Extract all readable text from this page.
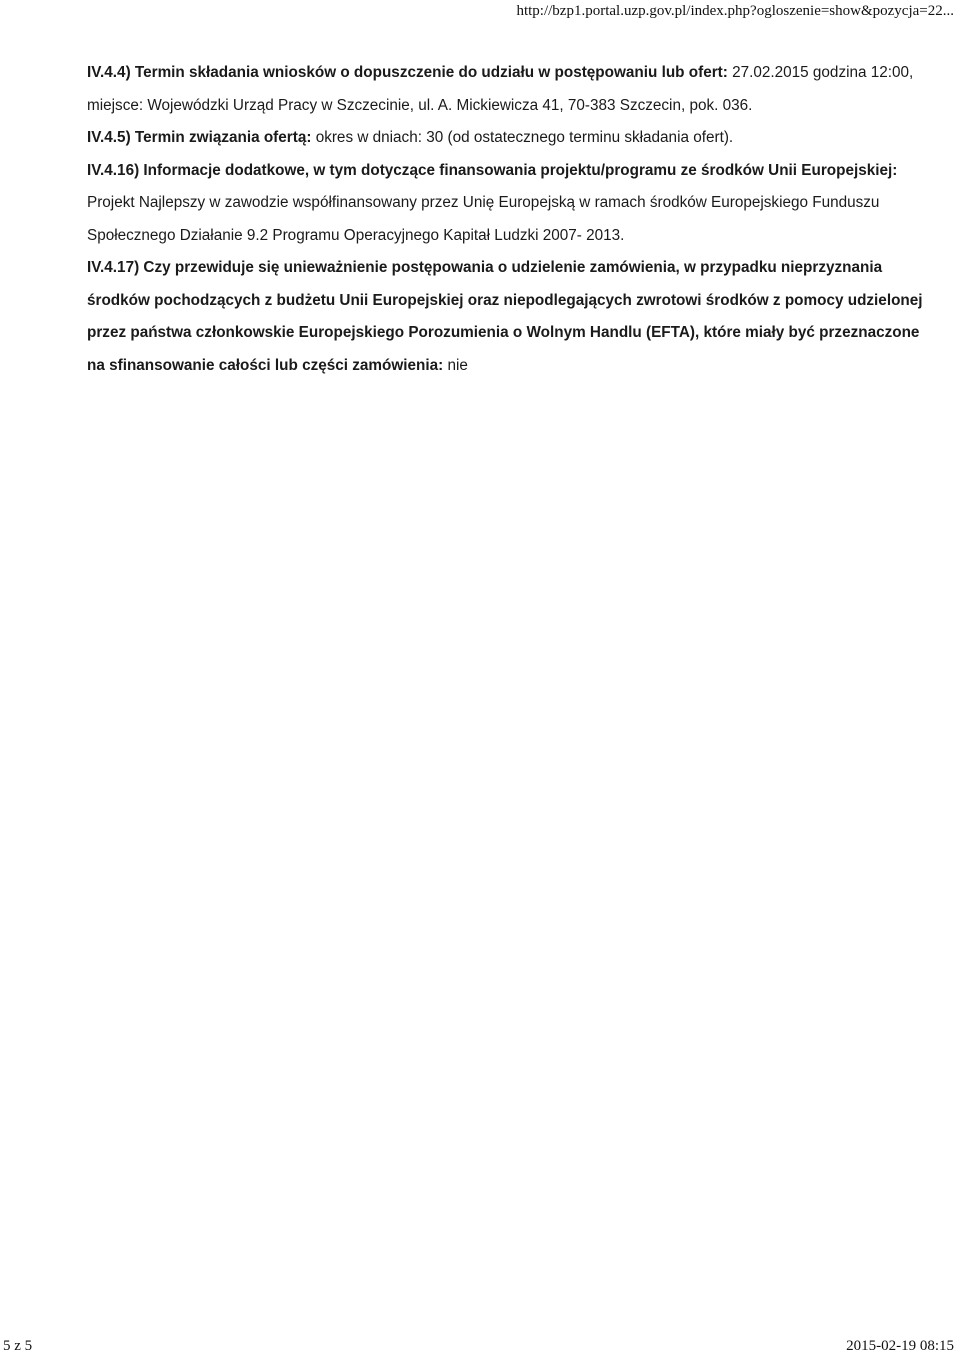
http://bzp1.portal.uzp.gov.pl/index.php?ogloszenie=show&pozycja=22...

IV.4.4) Termin składania wniosków o dopuszczenie do udziału w postępowaniu lub ofert: 27.02.2015 godzina 12:00, miejsce: Wojewódzki Urząd Pracy w Szczecinie, ul. A. Mickiewicza 41, 70-383 Szczecin, pok. 036.

IV.4.5) Termin związania ofertą: okres w dniach: 30 (od ostatecznego terminu składania ofert).

IV.4.16) Informacje dodatkowe, w tym dotyczące finansowania projektu/programu ze środków Unii Europejskiej: Projekt Najlepszy w zawodzie współfinansowany przez Unię Europejską w ramach środków Europejskiego Funduszu Społecznego Działanie 9.2 Programu Operacyjnego Kapitał Ludzki 2007- 2013.

IV.4.17) Czy przewiduje się unieważnienie postępowania o udzielenie zamówienia, w przypadku nieprzyznania środków pochodzących z budżetu Unii Europejskiej oraz niepodlegających zwrotowi środków z pomocy udzielonej przez państwa członkowskie Europejskiego Porozumienia o Wolnym Handlu (EFTA), które miały być przeznaczone na sfinansowanie całości lub części zamówienia: nie

5 z 5	2015-02-19 08:15
